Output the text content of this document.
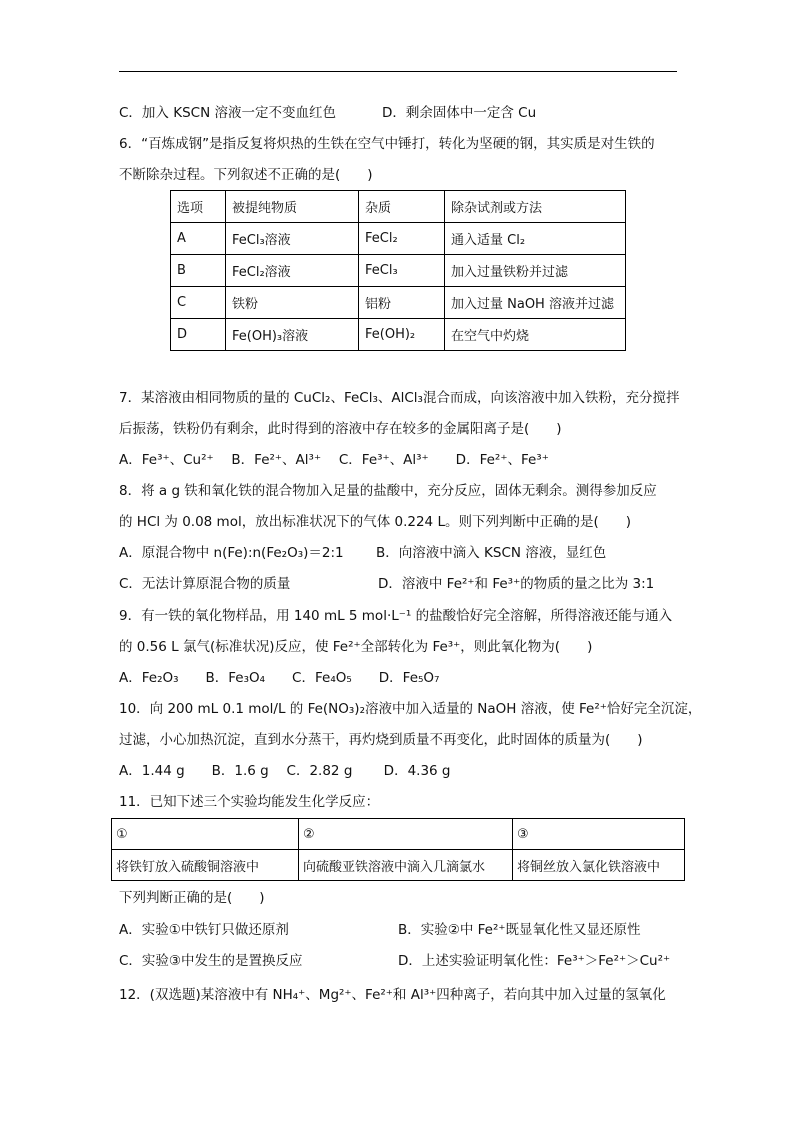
C．加入 KSCN 溶液一定不变血红色	D．剩余固体中一定含 Cu
6．“百炼成钢”是指反复将炽热的生铁在空气中锤打，转化为坚硬的钢，其实质是对生铁的
不断除杂过程。下列叙述不正确的是(　　)
选项	被提纯物质	杂质	除杂试剂或方法
A	FeCl₃溶液	FeCl₂	通入适量 Cl₂
B	FeCl₂溶液	FeCl₃	加入过量铁粉并过滤
C	铁粉	铝粉	加入过量 NaOH 溶液并过滤
D	Fe(OH)₃溶液	Fe(OH)₂	在空气中灼烧
7．某溶液由相同物质的量的 CuCl₂、FeCl₃、AlCl₃混合而成，向该溶液中加入铁粉，充分搅拌
后振荡，铁粉仍有剩余，此时得到的溶液中存在较多的金属阳离子是(　　)
A．Fe³⁺、Cu²⁺　 B．Fe²⁺、Al³⁺　 C．Fe³⁺、Al³⁺　　D．Fe²⁺、Fe³⁺
8．将 a g 铁和氧化铁的混合物加入足量的盐酸中，充分反应，固体无剩余。测得参加反应
的 HCl 为 0.08 mol，放出标准状况下的气体 0.224 L。则下列判断中正确的是(　　)
A．原混合物中 n(Fe):n(Fe₂O₃)＝2:1 B．向溶液中滴入 KSCN 溶液，显红色
C．无法计算原混合物的质量	D．溶液中 Fe²⁺和 Fe³⁺的物质的量之比为 3:1
9．有一铁的氧化物样品，用 140 mL 5 mol·L⁻¹ 的盐酸恰好完全溶解，所得溶液还能与通入
的 0.56 L 氯气(标准状况)反应，使 Fe²⁺全部转化为 Fe³⁺，则此氧化物为(　　)
A．Fe₂O₃　　B．Fe₃O₄　　C．Fe₄O₅　　D．Fe₅O₇
10．向 200 mL 0.1 mol/L 的 Fe(NO₃)₂溶液中加入适量的 NaOH 溶液，使 Fe²⁺恰好完全沉淀，
过滤，小心加热沉淀，直到水分蒸干，再灼烧到质量不再变化，此时固体的质量为(　　)
A．1.44 g　　B．1.6 g　 C．2.82 g　　 D．4.36 g
11．已知下述三个实验均能发生化学反应：
①	②	③
将铁钉放入硫酸铜溶液中	向硫酸亚铁溶液中滴入几滴氯水	将铜丝放入氯化铁溶液中
下列判断正确的是(　　)
A．实验①中铁钉只做还原剂	B．实验②中 Fe²⁺既显氧化性又显还原性
C．实验③中发生的是置换反应	D．上述实验证明氧化性：Fe³⁺＞Fe²⁺＞Cu²⁺
12．(双选题)某溶液中有 NH₄⁺、Mg²⁺、Fe²⁺和 Al³⁺四种离子，若向其中加入过量的氢氧化
